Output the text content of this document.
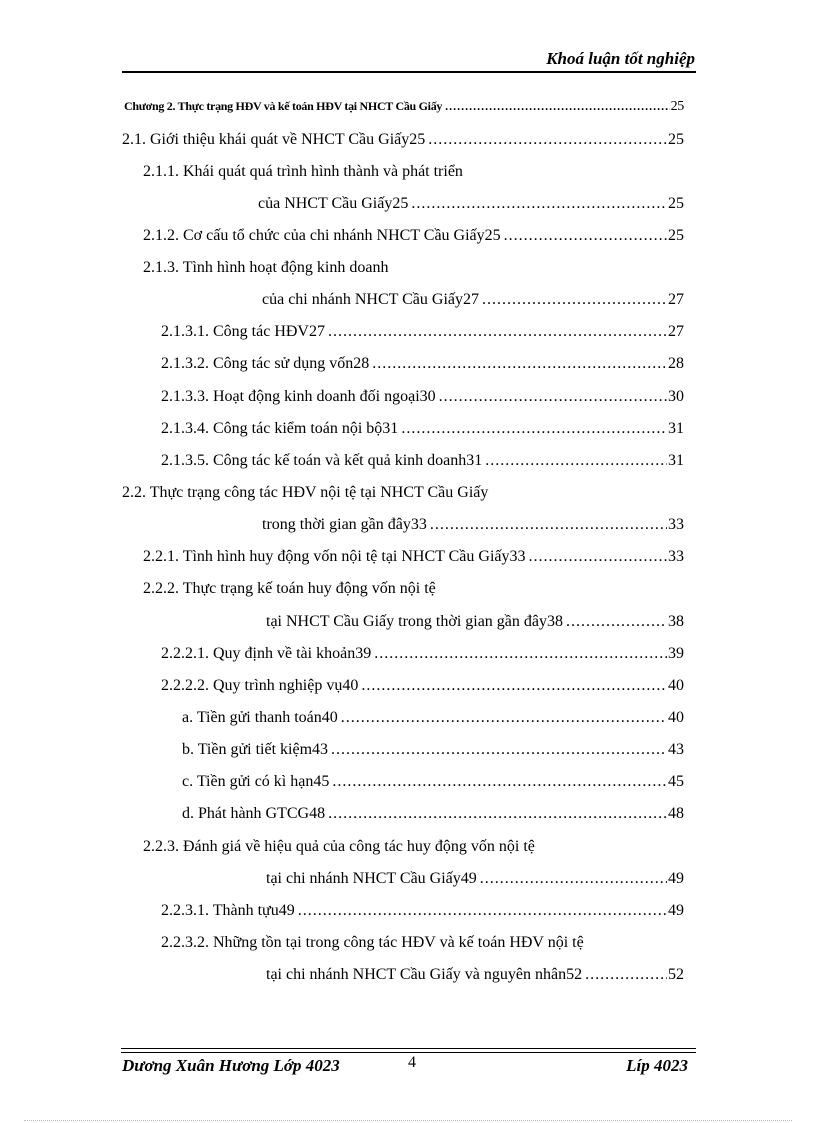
Khoá luận tốt nghiệp
Chương 2. Thực trạng HĐV và kế toán HĐV tại NHCT Cầu Giấy .....	25
2.1. Giới thiệu khái quát về NHCT Cầu Giấy25 .....	25
2.1.1. Khái quát quá trình hình thành và phát triển
của NHCT Cầu Giấy25 .....	25
2.1.2. Cơ cấu tổ chức của chi nhánh NHCT Cầu Giấy25 .....	25
2.1.3. Tình hình hoạt động kinh doanh
của chi nhánh NHCT Cầu Giấy27 .....	27
2.1.3.1. Công tác HĐV27 .....	27
2.1.3.2. Công tác sử dụng vốn28 .....	28
2.1.3.3. Hoạt động kinh doanh đối ngoại30 .....	30
2.1.3.4. Công tác kiểm toán nội bộ31 .....	31
2.1.3.5. Công tác kế toán và kết quả kinh doanh31 .....	31
2.2. Thực trạng công tác HĐV nội tệ tại NHCT Cầu Giấy
trong thời gian gần đây33 .....	33
2.2.1. Tình hình huy động vốn nội tệ tại NHCT Cầu Giấy33 .....	33
2.2.2. Thực trạng kế toán huy động vốn nội tệ
tại NHCT Cầu Giấy trong thời gian gần đây38 .....	38
2.2.2.1. Quy định về tài khoản39 .....	39
2.2.2.2. Quy trình nghiệp vụ40 .....	40
a. Tiền gửi thanh toán40 .....	40
b. Tiền gửi tiết kiệm43 .....	43
c. Tiền gửi có kì hạn45 .....	45
d. Phát hành GTCG48 .....	48
2.2.3. Đánh giá về hiệu quả của công tác huy động vốn nội tệ
tại chi nhánh NHCT Cầu Giấy49 .....	49
2.2.3.1. Thành tựu49 .....	49
2.2.3.2. Những tồn tại trong công tác HĐV và kế toán HĐV nội tệ
tại chi nhánh NHCT Cầu Giấy và nguyên nhân52 .....	52
Dương Xuân Hương Lớp 4023	4	Líp 4023
